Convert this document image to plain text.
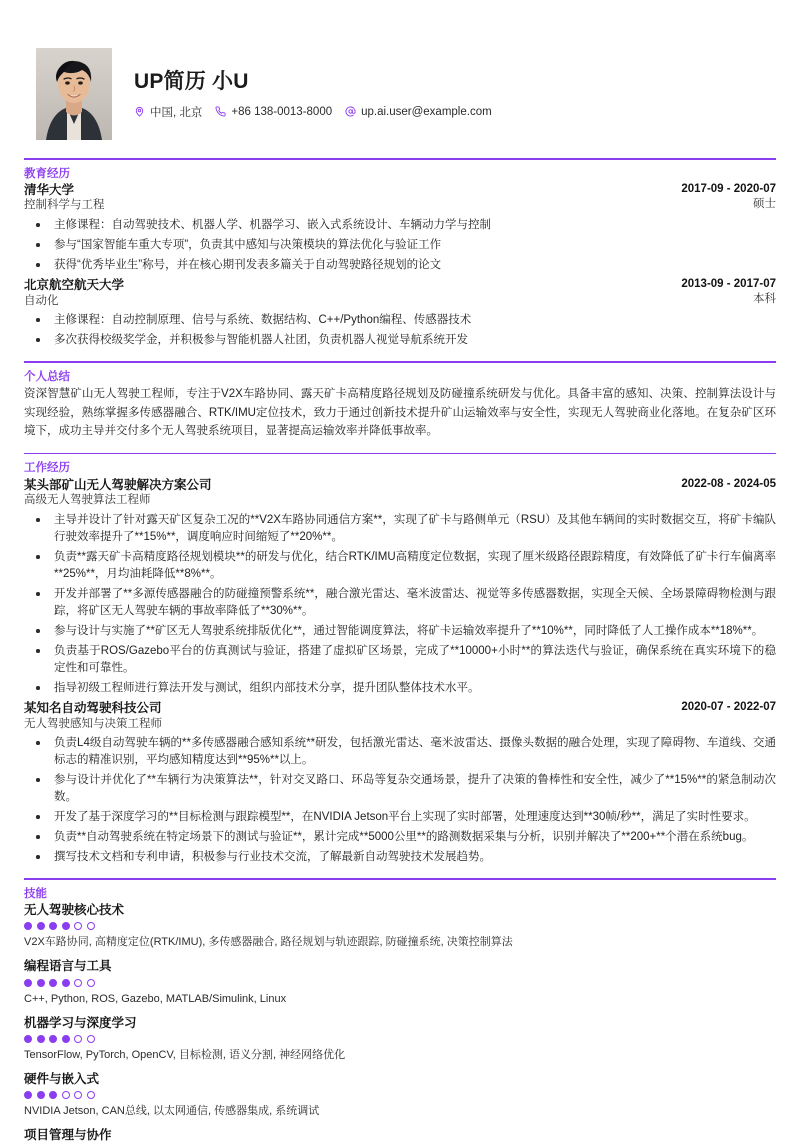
UP简历 小U
中国, 北京	+86 138-0013-8000	up.ai.user@example.com
教育经历
清华大学
控制科学与工程
2017-09 - 2020-07
硕士
主修课程：自动驾驶技术、机器人学、机器学习、嵌入式系统设计、车辆动力学与控制
参与“国家智能车重大专项”，负责其中感知与决策模块的算法优化与验证工作
获得“优秀毕业生”称号，并在核心期刊发表多篇关于自动驾驶路径规划的论文
北京航空航天大学
自动化
2013-09 - 2017-07
本科
主修课程：自动控制原理、信号与系统、数据结构、C++/Python编程、传感器技术
多次获得校级奖学金，并积极参与智能机器人社团，负责机器人视觉导航系统开发
个人总结
资深智慧矿山无人驾驶工程师，专注于V2X车路协同、露天矿卡高精度路径规划及防碰撞系统研发与优化。具备丰富的感知、决策、控制算法设计与实现经验，熟练掌握多传感器融合、RTK/IMU定位技术，致力于通过创新技术提升矿山运输效率与安全性，实现无人驾驶商业化落地。在复杂矿区环境下，成功主导并交付多个无人驾驶系统项目，显著提高运输效率并降低事故率。
工作经历
某头部矿山无人驾驶解决方案公司
高级无人驾驶算法工程师
2022-08 - 2024-05
主导并设计了针对露天矿区复杂工况的**V2X车路协同通信方案**，实现了矿卡与路侧单元（RSU）及其他车辆间的实时数据交互，将矿卡编队行驶效率提升了**15%**，调度响应时间缩短了**20%**。
负责**露天矿卡高精度路径规划模块**的研发与优化，结合RTK/IMU高精度定位数据，实现了厘米级路径跟踪精度，有效降低了矿卡行车偏离率**25%**，月均油耗降低**8%**。
开发并部署了**多源传感器融合的防碰撞预警系统**，融合激光雷达、毫米波雷达、视觉等多传感器数据，实现全天候、全场景障碍物检测与跟踪，将矿区无人驾驶车辆的事故率降低了**30%**。
参与设计与实施了**矿区无人驾驶系统排版优化**，通过智能调度算法，将矿卡运输效率提升了**10%**，同时降低了人工操作成本**18%**。
负责基于ROS/Gazebo平台的仿真测试与验证，搭建了虚拟矿区场景，完成了**10000+小时**的算法迭代与验证，确保系统在真实环境下的稳定性和可靠性。
指导初级工程师进行算法开发与测试，组织内部技术分享，提升团队整体技术水平。
某知名自动驾驶科技公司
无人驾驶感知与决策工程师
2020-07 - 2022-07
负责L4级自动驾驶车辆的**多传感器融合感知系统**研发，包括激光雷达、毫米波雷达、摄像头数据的融合处理，实现了障碍物、车道线、交通标志的精准识别，平均感知精度达到**95%**以上。
参与设计并优化了**车辆行为决策算法**，针对交叉路口、环岛等复杂交通场景，提升了决策的鲁棒性和安全性，减少了**15%**的紧急制动次数。
开发了基于深度学习的**目标检测与跟踪模型**，在NVIDIA Jetson平台上实现了实时部署，处理速度达到**30帧/秒**，满足了实时性要求。
负责**自动驾驶系统在特定场景下的测试与验证**，累计完成**5000公里**的路测数据采集与分析，识别并解决了**200+**个潜在系统bug。
撰写技术文档和专利申请，积极参与行业技术交流，了解最新自动驾驶技术发展趋势。
技能
无人驾驶核心技术
V2X车路协同, 高精度定位(RTK/IMU), 多传感器融合, 路径规划与轨迹跟踪, 防碰撞系统, 决策控制算法
编程语言与工具
C++, Python, ROS, Gazebo, MATLAB/Simulink, Linux
机器学习与深度学习
TensorFlow, PyTorch, OpenCV, 目标检测, 语义分割, 神经网络优化
硬件与嵌入式
NVIDIA Jetson, CAN总线, 以太网通信, 传感器集成, 系统调试
项目管理与协作
